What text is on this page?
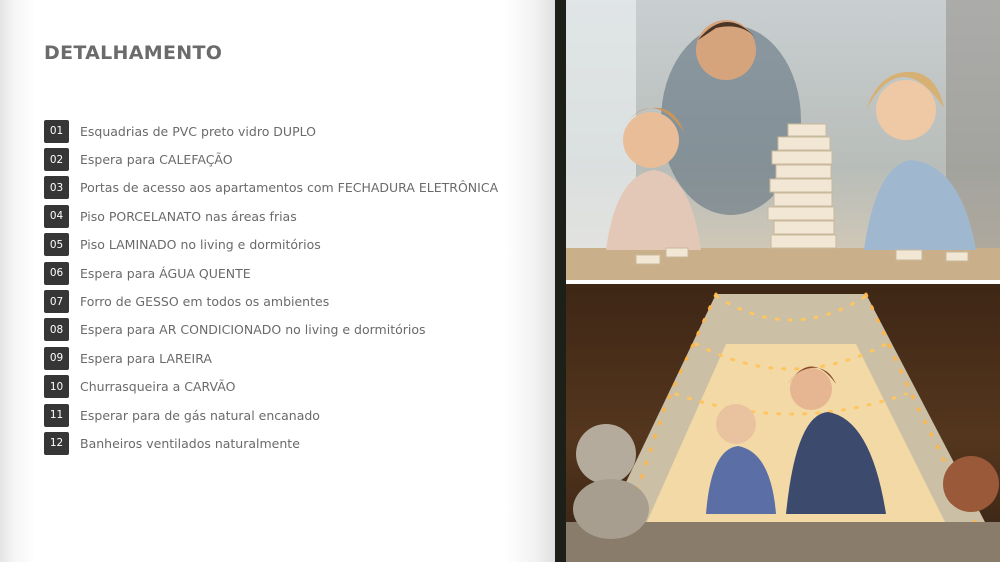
DETALHAMENTO
01	Esquadrias de PVC preto vidro DUPLO
02	Espera para CALEFAÇÃO
03	Portas de acesso aos apartamentos com FECHADURA ELETRÔNICA
04	Piso PORCELANATO nas áreas frias
05	Piso LAMINADO no living e dormitórios
06	Espera para ÁGUA QUENTE
07	Forro de GESSO em todos os ambientes
08	Espera para AR CONDICIONADO no living e dormitórios
09	Espera para LAREIRA
10	Churrasqueira a CARVÃO
11	Esperar para de gás natural encanado
12	Banheiros ventilados naturalmente
